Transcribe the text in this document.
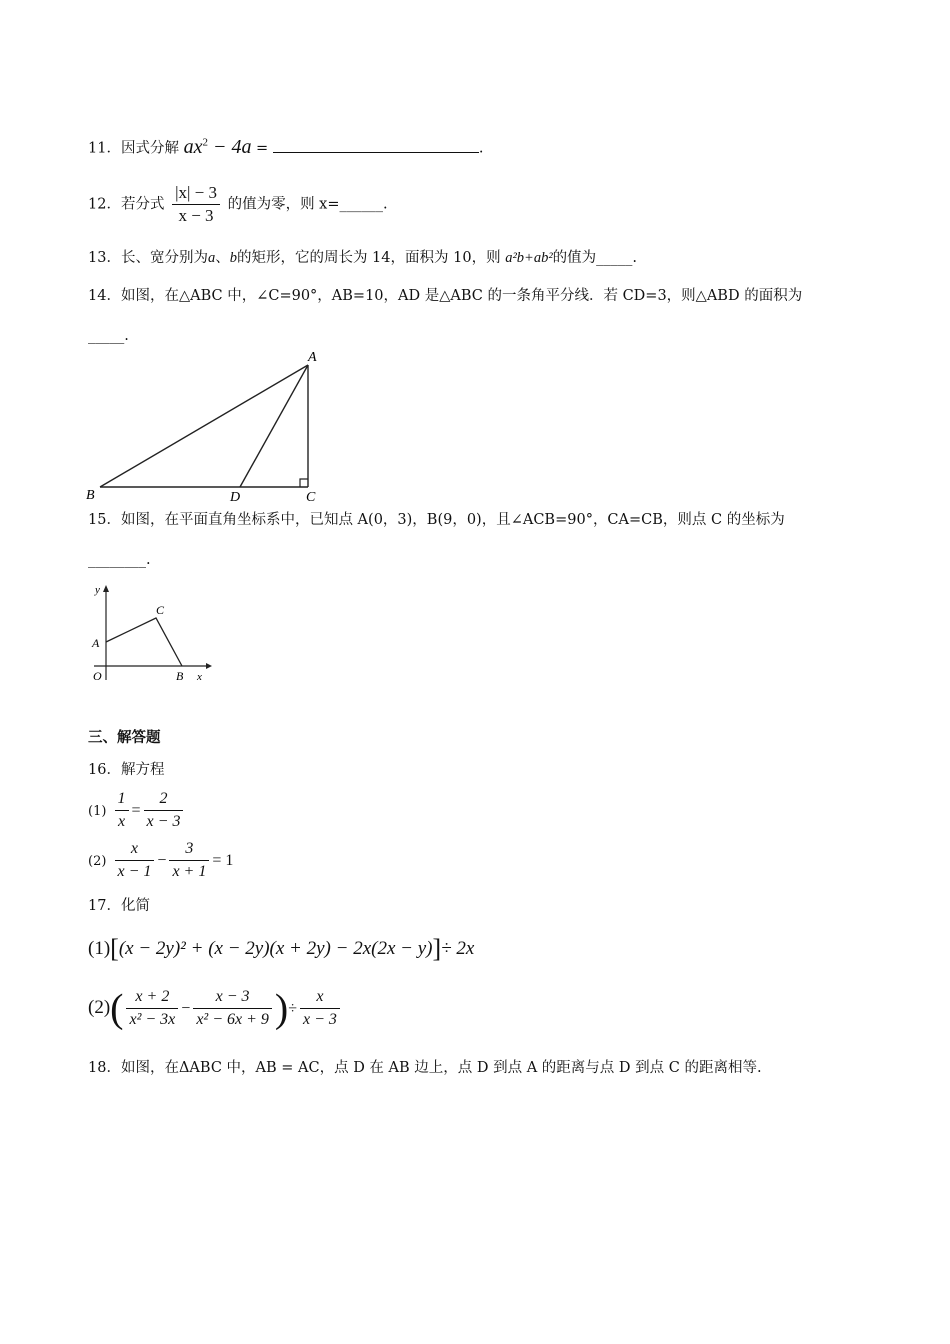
11．因式分解 $ax^2 - 4a$ =	.
12．若分式 $\frac{|x| - 3}{x - 3}$ 的值为零，则 x=______.
13．长、宽分别为a、b的矩形，它的周长为 14，面积为 10，则 a²b+ab²的值为_____.
14．如图，在△ABC 中，∠C=90°，AB=10，AD 是△ABC 的一条角平分线．若 CD=3，则△ABD 的面积为
_____.
A
B	D	C
15．如图，在平面直角坐标系中，已知点 A(0，3)，B(9，0)，且∠ACB=90°，CA=CB，则点 C 的坐标为
________.
y
C
A
O	B x
三、解答题
16．解方程
$(1) \frac{1}{x} = \frac{2}{x - 3}$
$(2) \frac{x}{x - 1} - \frac{3}{x + 1} = 1$
17．化简
(1)[(x − 2y)² + (x − 2y)(x + 2y) − 2x(2x − y)]÷ 2x
$(2)( \frac{x + 2}{\text{x² − 3x}} - \frac{x - 3}{\text{x² − 6x + 9}}$ )÷ $\frac{x}{x - 3}$
18．如图，在ΔABC 中，AB = AC，点 D 在 AB 边上，点 D 到点 A 的距离与点 D 到点 C 的距离相等.
